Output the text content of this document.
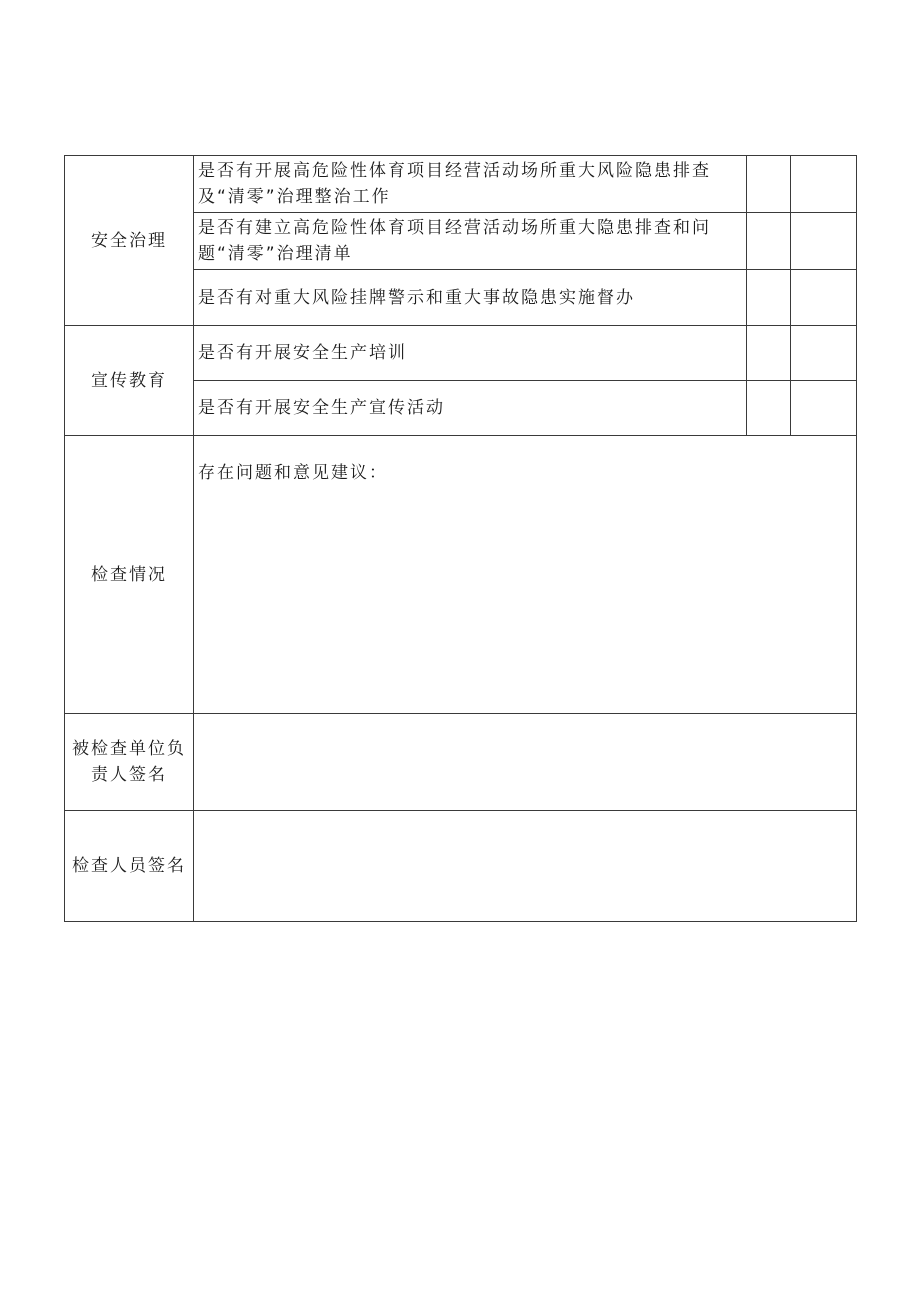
安全治理	是否有开展高危险性体育项目经营活动场所重大风险隐患排查及“清零”治理整治工作		
	是否有建立高危险性体育项目经营活动场所重大隐患排查和问题“清零”治理清单		
	是否有对重大风险挂牌警示和重大事故隐患实施督办		
宣传教育	是否有开展安全生产培训		
	是否有开展安全生产宣传活动		
检查情况	存在问题和意见建议：		
被检查单位负责人签名			
检查人员签名			
